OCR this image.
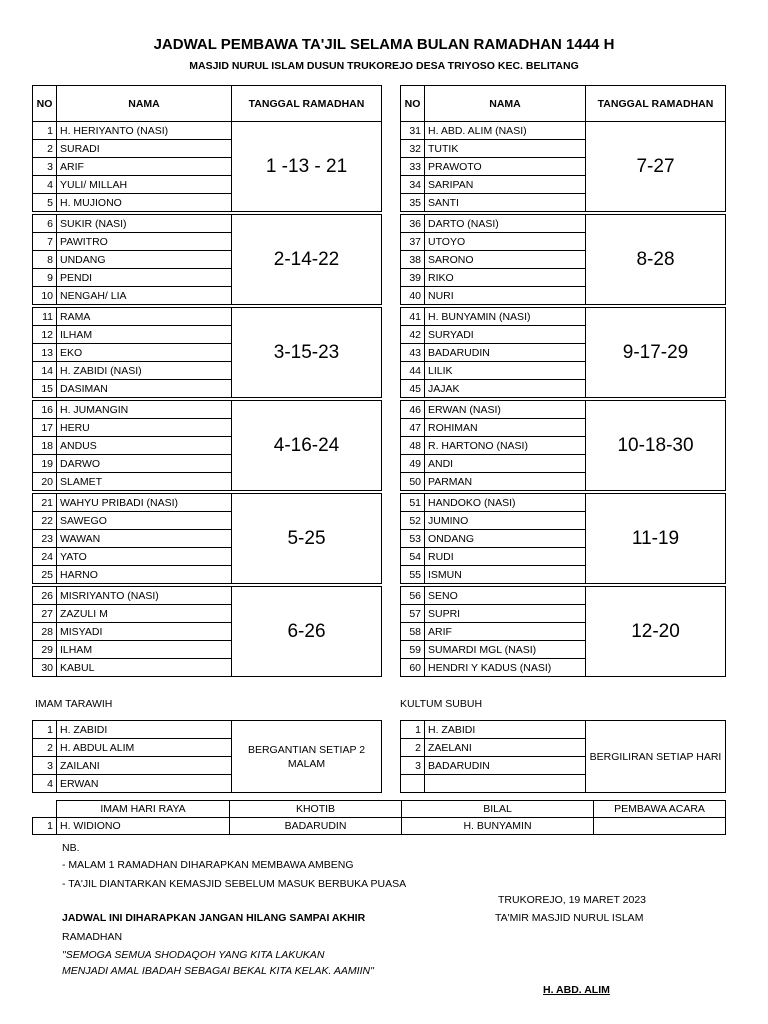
JADWAL PEMBAWA TA'JIL SELAMA BULAN RAMADHAN 1444 H
MASJID NURUL ISLAM DUSUN TRUKOREJO DESA TRIYOSO KEC. BELITANG
NO	NAMA	TANGGAL RAMADHAN
1	H. HERIYANTO (NASI)	1 -13 - 21
2	SURADI	
3	ARIF	
4	YULI/ MILLAH	
5	H. MUJIONO	

6	SUKIR (NASI)	2-14-22
7	PAWITRO	
8	UNDANG	
9	PENDI	
10	NENGAH/ LIA	

11	RAMA	3-15-23
12	ILHAM	
13	EKO	
14	H. ZABIDI (NASI)	
15	DASIMAN	

16	H. JUMANGIN	4-16-24
17	HERU	
18	ANDUS	
19	DARWO	
20	SLAMET	

21	WAHYU PRIBADI (NASI)	5-25
22	SAWEGO	
23	WAWAN	
24	YATO	
25	HARNO	

26	MISRIYANTO (NASI)	6-26
27	ZAZULI M	
28	MISYADI	
29	ILHAM	
30	KABUL	
NO	NAMA	TANGGAL RAMADHAN
31	H. ABD. ALIM (NASI)	7-27
32	TUTIK	
33	PRAWOTO	
34	SARIPAN	
35	SANTI	

36	DARTO (NASI)	8-28
37	UTOYO	
38	SARONO	
39	RIKO	
40	NURI	

41	H. BUNYAMIN (NASI)	9-17-29
42	SURYADI	
43	BADARUDIN	
44	LILIK	
45	JAJAK	

46	ERWAN (NASI)	10-18-30
47	ROHIMAN	
48	R. HARTONO (NASI)	
49	ANDI	
50	PARMAN	

51	HANDOKO (NASI)	11-19
52	JUMINO	
53	ONDANG	
54	RUDI	
55	ISMUN	

56	SENO	12-20
57	SUPRI	
58	ARIF	
59	SUMARDI MGL (NASI)	
60	HENDRI Y KADUS (NASI)	
IMAM TARAWIH
1	H. ZABIDI	BERGANTIAN SETIAP 2 MALAM
2	H. ABDUL ALIM	
3	ZAILANI	
4	ERWAN	
KULTUM SUBUH
1	H. ZABIDI	BERGILIRAN SETIAP HARI
2	ZAELANI	
3	BADARUDIN	

	IMAM HARI RAYA	KHOTIB	BILAL	PEMBAWA ACARA
1	H. WIDIONO	BADARUDIN	H. BUNYAMIN	
NB.
- MALAM 1 RAMADHAN DIHARAPKAN MEMBAWA AMBENG
- TA'JIL DIANTARKAN KEMASJID SEBELUM MASUK BERBUKA PUASA
TRUKOREJO, 19 MARET 2023
JADWAL INI DIHARAPKAN JANGAN HILANG SAMPAI AKHIR	TA'MIR MASJID NURUL ISLAM
RAMADHAN
"SEMOGA SEMUA SHODAQOH YANG KITA LAKUKAN
MENJADI AMAL IBADAH SEBAGAI BEKAL KITA KELAK. AAMIIN"
H. ABD. ALIM
